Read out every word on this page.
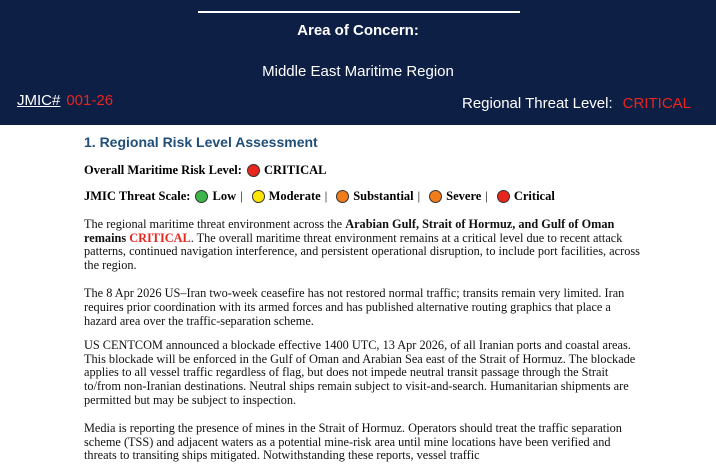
Area of Concern:
Middle East Maritime Region
JMIC# 001-26	Regional Threat Level: CRITICAL
1. Regional Risk Level Assessment
Overall Maritime Risk Level: CRITICAL
JMIC Threat Scale: Low | Moderate | Substantial | Severe | Critical

The regional maritime threat environment across the Arabian Gulf, Strait of Hormuz, and Gulf of Oman remains CRITICAL. The overall maritime threat environment remains at a critical level due to recent attack patterns, continued navigation interference, and persistent operational disruption, to include port facilities, across the region.

The 8 Apr 2026 US–Iran two-week ceasefire has not restored normal traffic; transits remain very limited. Iran requires prior coordination with its armed forces and has published alternative routing graphics that place a hazard area over the traffic-separation scheme.

US CENTCOM announced a blockade effective 1400 UTC, 13 Apr 2026, of all Iranian ports and coastal areas. This blockade will be enforced in the Gulf of Oman and Arabian Sea east of the Strait of Hormuz. The blockade applies to all vessel traffic regardless of flag, but does not impede neutral transit passage through the Strait to/from non-Iranian destinations. Neutral ships remain subject to visit-and-search. Humanitarian shipments are permitted but may be subject to inspection.

Media is reporting the presence of mines in the Strait of Hormuz. Operators should treat the traffic separation scheme (TSS) and adjacent waters as a potential mine-risk area until mine locations have been verified and threats to transiting ships mitigated. Notwithstanding these reports, vessel traffic
